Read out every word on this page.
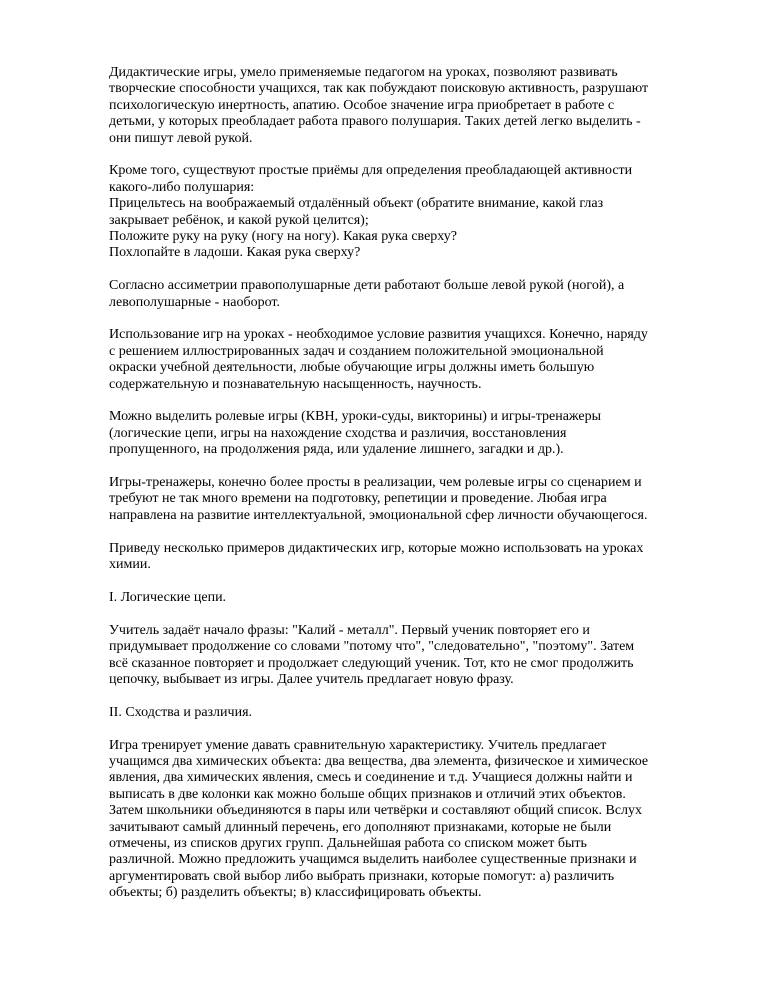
Дидактические игры, умело применяемые педагогом на уроках, позволяют развивать
творческие способности учащихся, так как побуждают поисковую активность, разрушают
психологическую инертность, апатию. Особое значение игра приобретает в работе с
детьми, у которых преобладает работа правого полушария. Таких детей легко выделить -
они пишут левой рукой.
Кроме того, существуют простые приёмы для определения преобладающей активности
какого-либо полушария:
Прицельтесь на воображаемый отдалённый объект (обратите внимание, какой глаз
закрывает ребёнок, и какой рукой целится);
Положите руку на руку (ногу на ногу). Какая рука сверху?
Похлопайте в ладоши. Какая рука сверху?
Согласно ассиметрии правополушарные дети работают больше левой рукой (ногой), а
левополушарные - наоборот.
Использование игр на уроках - необходимое условие развития учащихся. Конечно, наряду
с решением иллюстрированных задач и созданием положительной эмоциональной
окраски учебной деятельности, любые обучающие игры должны иметь большую
содержательную и познавательную насыщенность, научность.
Можно выделить ролевые игры (КВН, уроки-суды, викторины) и игры-тренажеры
(логические цепи, игры на нахождение сходства и различия, восстановления
пропущенного, на продолжения ряда, или удаление лишнего, загадки и др.).
Игры-тренажеры, конечно более просты в реализации, чем ролевые игры со сценарием и
требуют не так много времени на подготовку, репетиции и проведение. Любая игра
направлена на развитие интеллектуальной, эмоциональной сфер личности обучающегося.
Приведу несколько примеров дидактических игр, которые можно использовать на уроках
химии.
I. Логические цепи.
Учитель задаёт начало фразы: "Калий - металл". Первый ученик повторяет его и
придумывает продолжение со словами "потому что", "следовательно", "поэтому". Затем
всё сказанное повторяет и продолжает следующий ученик. Тот, кто не смог продолжить
цепочку, выбывает из игры. Далее учитель предлагает новую фразу.
II. Сходства и различия.
Игра тренирует умение давать сравнительную характеристику. Учитель предлагает
учащимся два химических объекта: два вещества, два элемента, физическое и химическое
явления, два химических явления, смесь и соединение и т.д. Учащиеся должны найти и
выписать в две колонки как можно больше общих признаков и отличий этих объектов.
Затем школьники объединяются в пары или четвёрки и составляют общий список. Вслух
зачитывают самый длинный перечень, его дополняют признаками, которые не были
отмечены, из списков других групп. Дальнейшая работа со списком может быть
различной. Можно предложить учащимся выделить наиболее существенные признаки и
аргументировать свой выбор либо выбрать признаки, которые помогут: а) различить
объекты; б) разделить объекты; в) классифицировать объекты.
